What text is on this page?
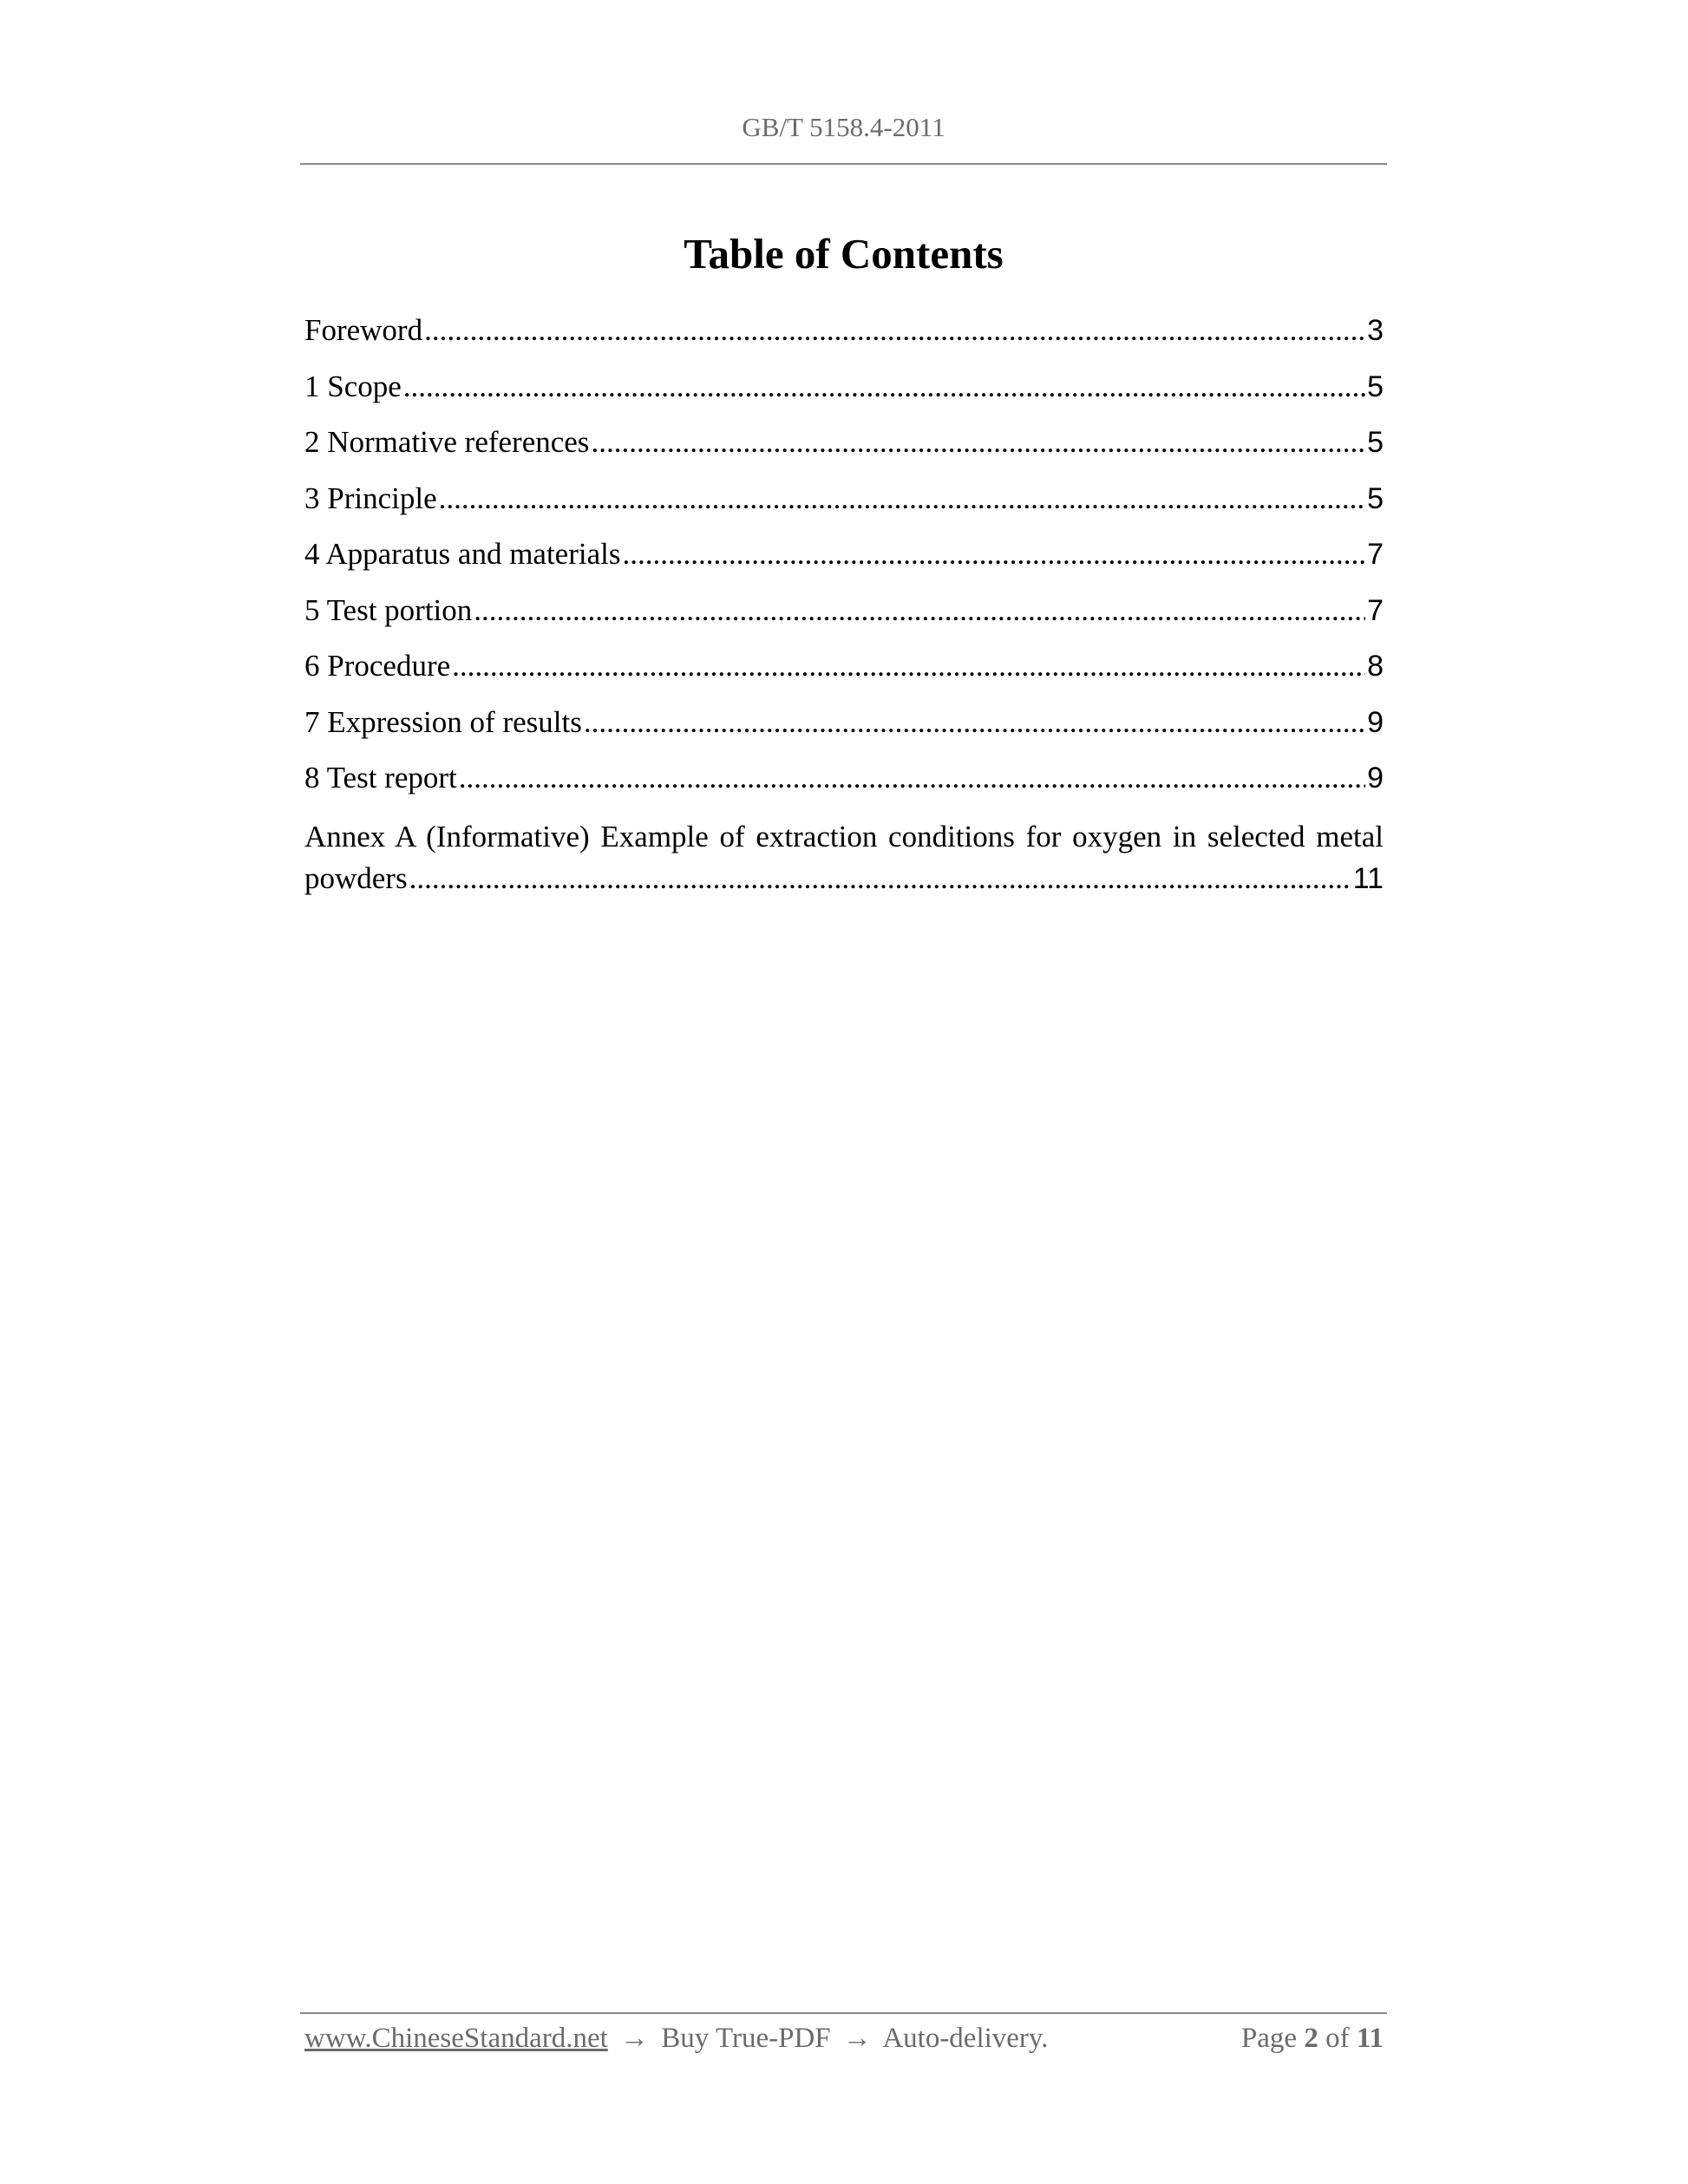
GB/T 5158.4-2011
Table of Contents
Foreword .....	3
1 Scope .....	5
2 Normative references .....	5
3 Principle .....	5
4 Apparatus and materials .....	7
5 Test portion .....	7
6 Procedure .....	8
7 Expression of results .....	9
8 Test report .....	9
Annex A (Informative) Example of extraction conditions for oxygen in selected metal
powders .....	11
www.ChineseStandard.net → Buy True-PDF → Auto-delivery.	Page 2 of 11
